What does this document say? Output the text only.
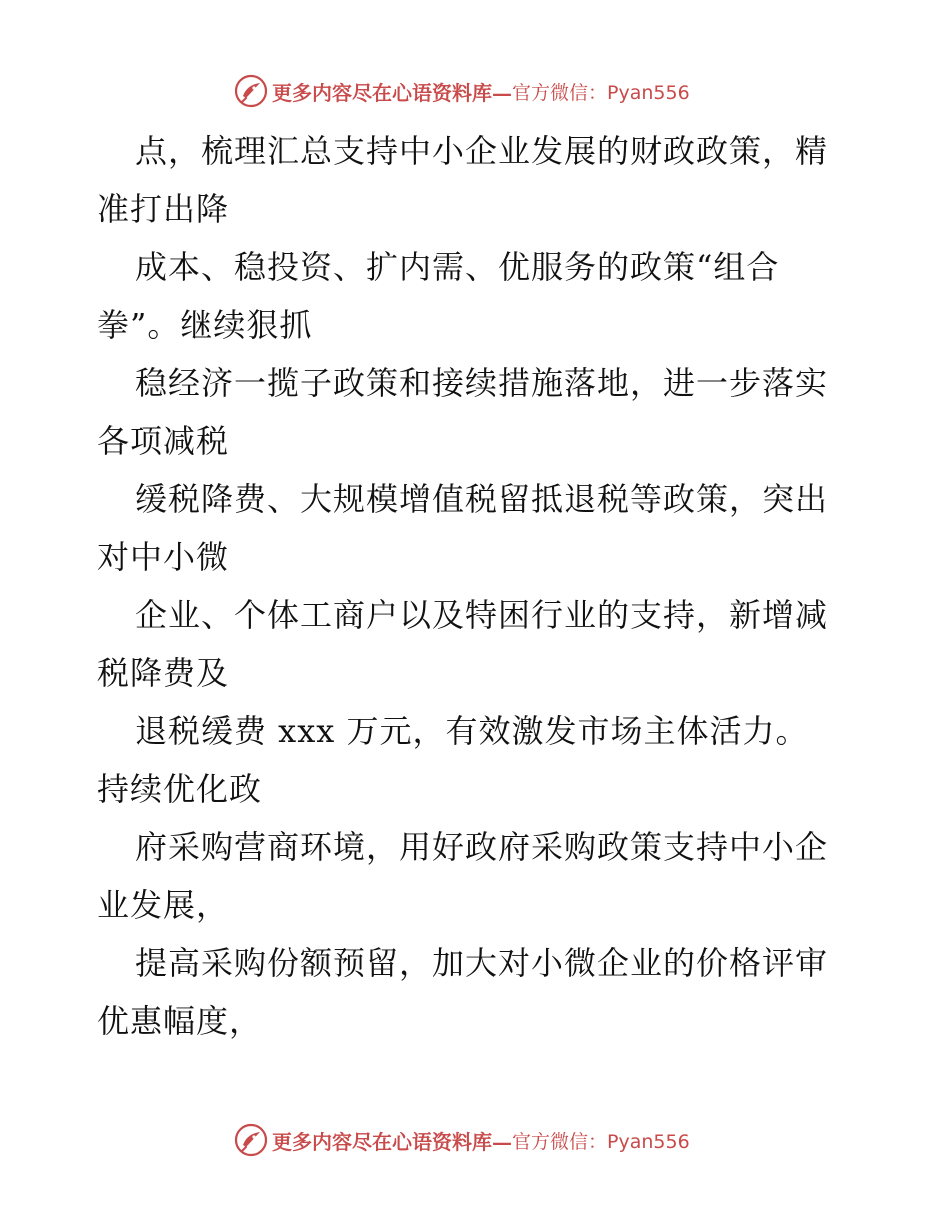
更多内容尽在心语资料库— 官方微信：Pyan556
点，梳理汇总支持中小企业发展的财政政策，精
准打出降
成本、稳投资、扩内需、优服务的政策“组合
拳”。继续狠抓
稳经济一揽子政策和接续措施落地，进一步落实
各项减税
缓税降费、大规模增值税留抵退税等政策，突出
对中小微
企业、个体工商户以及特困行业的支持，新增减
税降费及
退税缓费 xxx 万元，有效激发市场主体活力。
持续优化政
府采购营商环境，用好政府采购政策支持中小企
业发展，
提高采购份额预留，加大对小微企业的价格评审
优惠幅度，
更多内容尽在心语资料库— 官方微信：Pyan556
